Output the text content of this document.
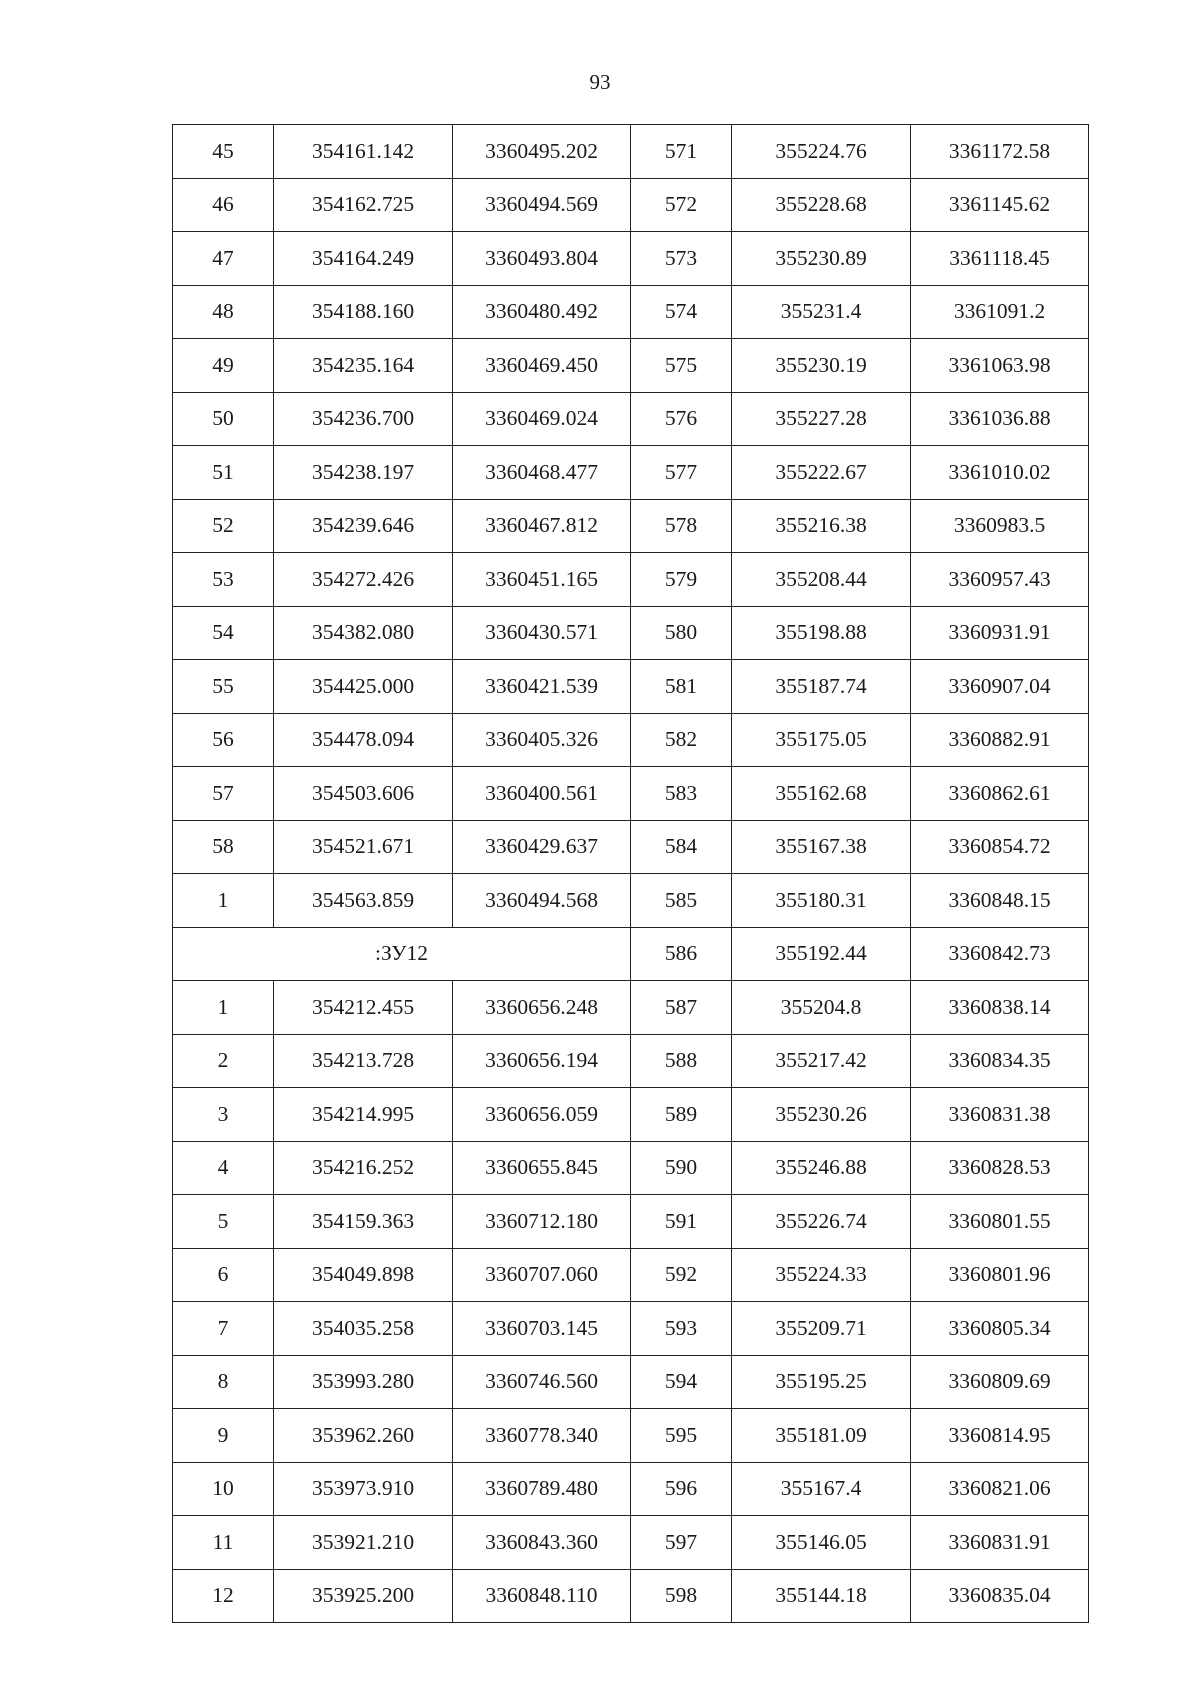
93
45	354161.142	3360495.202	571	355224.76	3361172.58
46	354162.725	3360494.569	572	355228.68	3361145.62
47	354164.249	3360493.804	573	355230.89	3361118.45
48	354188.160	3360480.492	574	355231.4	3361091.2
49	354235.164	3360469.450	575	355230.19	3361063.98
50	354236.700	3360469.024	576	355227.28	3361036.88
51	354238.197	3360468.477	577	355222.67	3361010.02
52	354239.646	3360467.812	578	355216.38	3360983.5
53	354272.426	3360451.165	579	355208.44	3360957.43
54	354382.080	3360430.571	580	355198.88	3360931.91
55	354425.000	3360421.539	581	355187.74	3360907.04
56	354478.094	3360405.326	582	355175.05	3360882.91
57	354503.606	3360400.561	583	355162.68	3360862.61
58	354521.671	3360429.637	584	355167.38	3360854.72
1	354563.859	3360494.568	585	355180.31	3360848.15
:ЗУ12			586	355192.44	3360842.73
1	354212.455	3360656.248	587	355204.8	3360838.14
2	354213.728	3360656.194	588	355217.42	3360834.35
3	354214.995	3360656.059	589	355230.26	3360831.38
4	354216.252	3360655.845	590	355246.88	3360828.53
5	354159.363	3360712.180	591	355226.74	3360801.55
6	354049.898	3360707.060	592	355224.33	3360801.96
7	354035.258	3360703.145	593	355209.71	3360805.34
8	353993.280	3360746.560	594	355195.25	3360809.69
9	353962.260	3360778.340	595	355181.09	3360814.95
10	353973.910	3360789.480	596	355167.4	3360821.06
11	353921.210	3360843.360	597	355146.05	3360831.91
12	353925.200	3360848.110	598	355144.18	3360835.04
